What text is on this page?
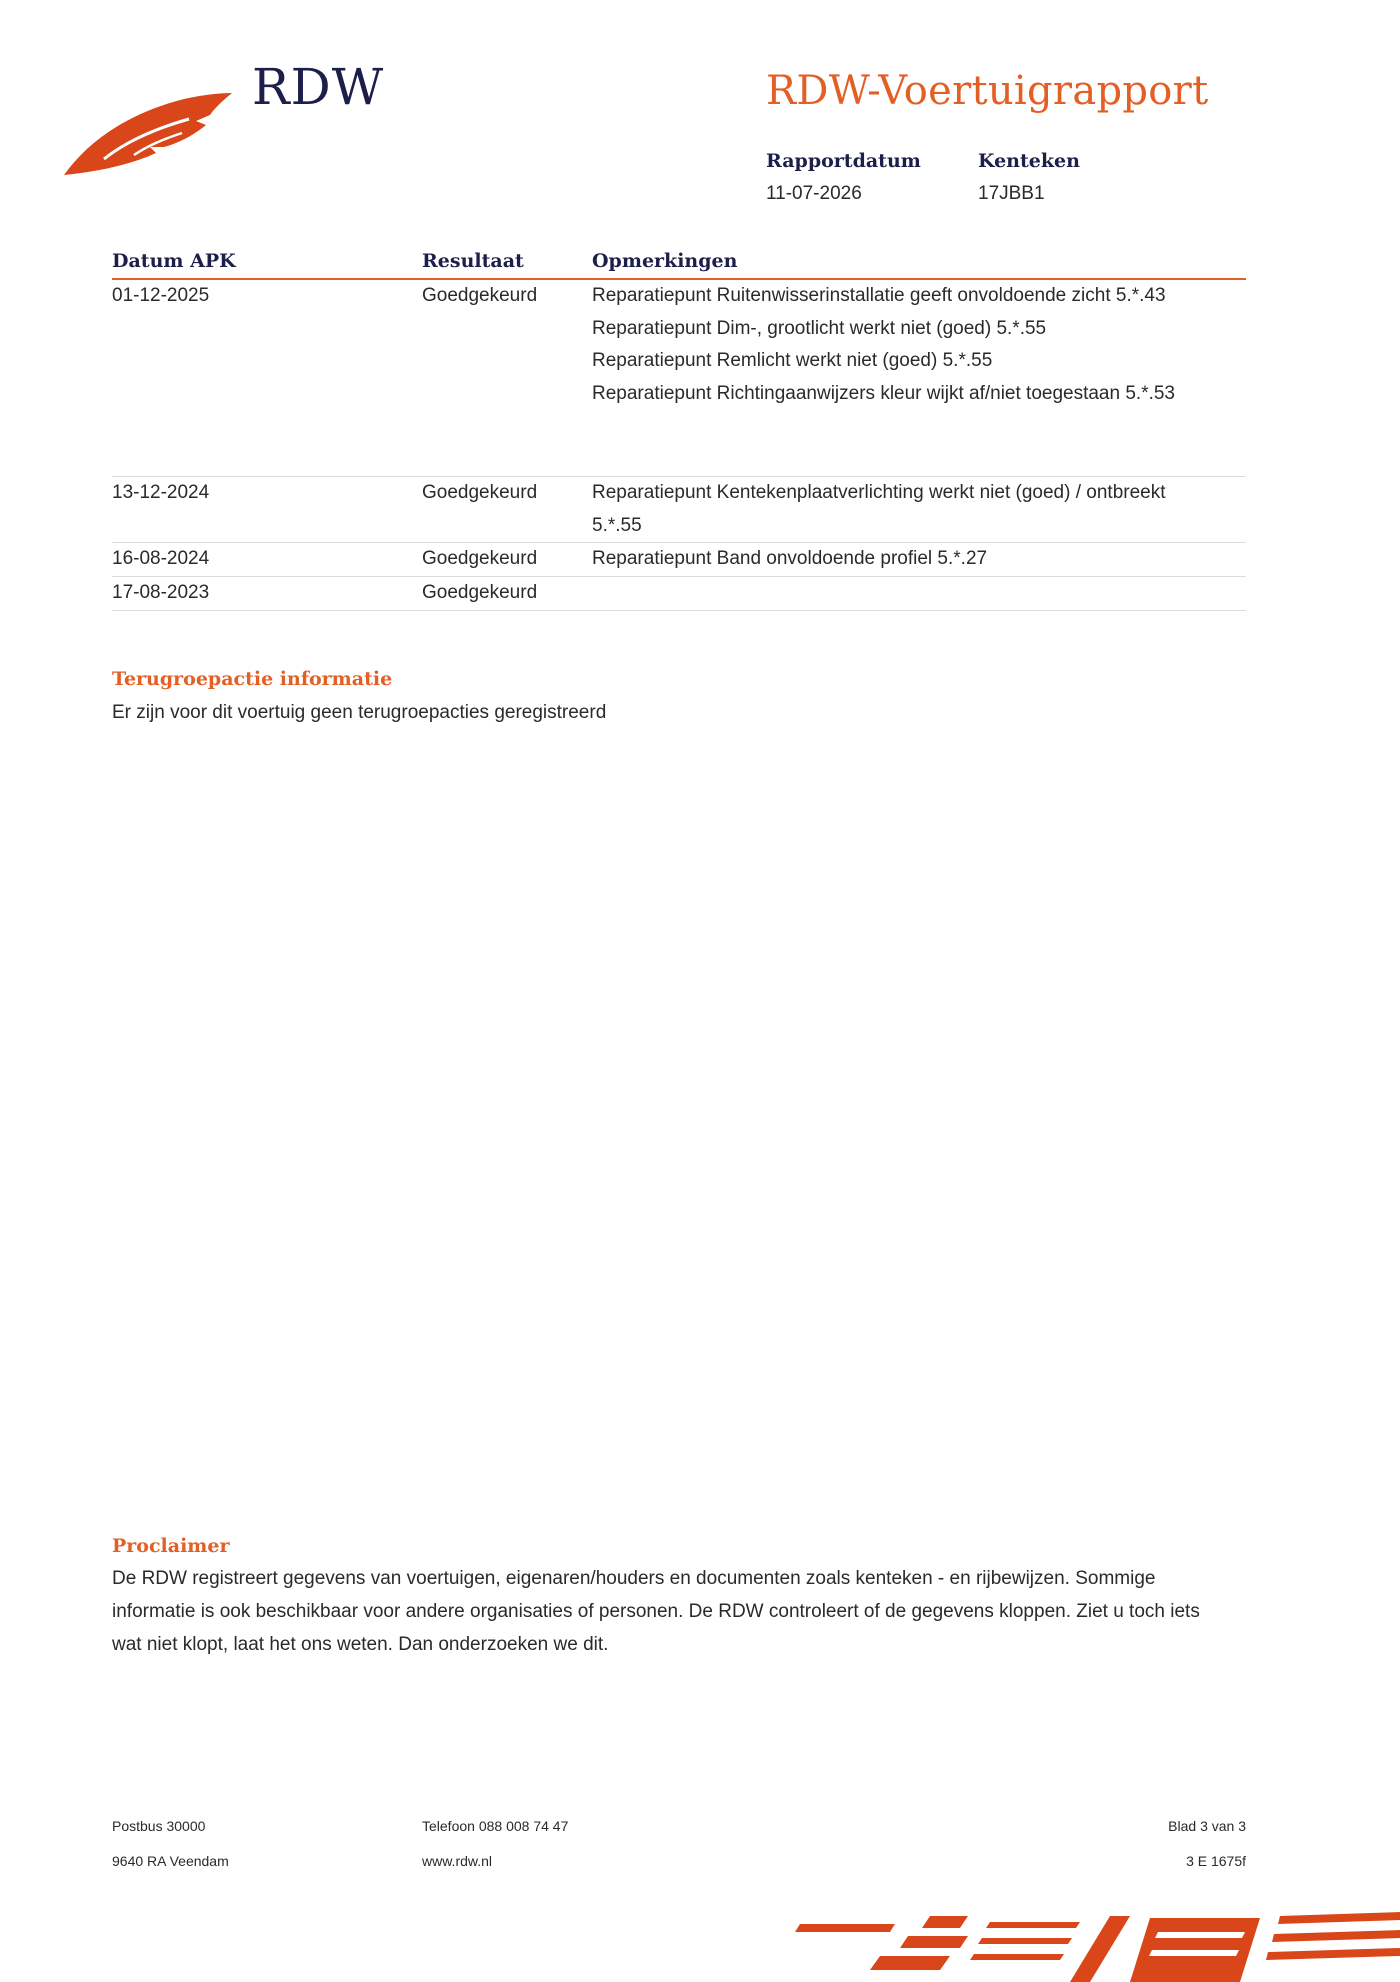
RDW	RDW-Voertuigrapport
Rapportdatum
11-07-2026
Kenteken
17JBB1
Datum APK	Resultaat	Opmerkingen
01-12-2025	Goedgekeurd	Reparatiepunt Ruitenwisserinstallatie geeft onvoldoende zicht 5.*.43
Reparatiepunt Dim-, grootlicht werkt niet (goed) 5.*.55
Reparatiepunt Remlicht werkt niet (goed) 5.*.55
Reparatiepunt Richtingaanwijzers kleur wijkt af/niet toegestaan 5.*.53
13-12-2024	Goedgekeurd	Reparatiepunt Kentekenplaatverlichting werkt niet (goed) / ontbreekt 5.*.55
16-08-2024	Goedgekeurd	Reparatiepunt Band onvoldoende profiel 5.*.27
17-08-2023	Goedgekeurd
Terugroepactie informatie
Er zijn voor dit voertuig geen terugroepacties geregistreerd
Proclaimer
De RDW registreert gegevens van voertuigen, eigenaren/houders en documenten zoals kenteken - en rijbewijzen. Sommige informatie is ook beschikbaar voor andere organisaties of personen. De RDW controleert of de gegevens kloppen. Ziet u toch iets wat niet klopt, laat het ons weten. Dan onderzoeken we dit.
Postbus 30000
9640 RA Veendam
Telefoon 088 008 74 47
www.rdw.nl
Blad 3 van 3
3 E 1675f
